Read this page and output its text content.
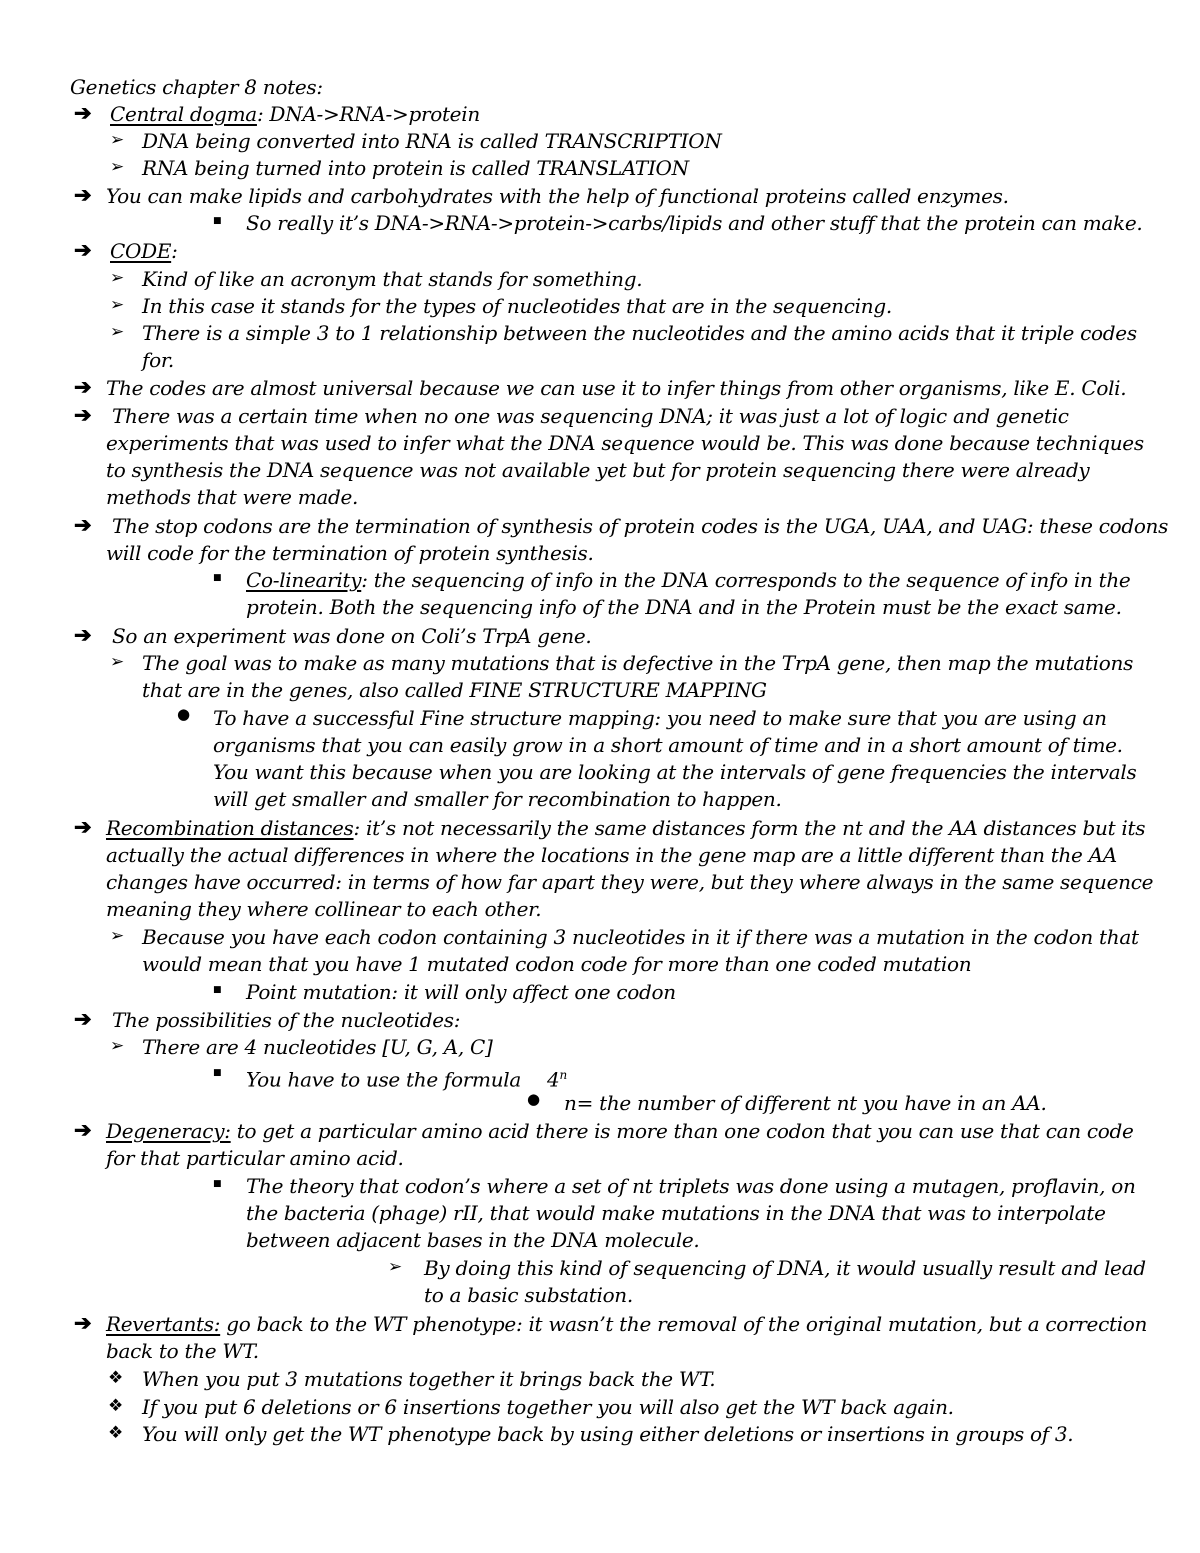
Genetics chapter 8 notes:
➔ Central dogma: DNA->RNA->protein
➢ DNA being converted into RNA is called TRANSCRIPTION
➢ RNA being turned into protein is called TRANSLATION
➔ You can make lipids and carbohydrates with the help of functional proteins called enzymes.
■ So really it’s DNA->RNA->protein->carbs/lipids and other stuff that the protein can make.
➔ CODE:
➢ Kind of like an acronym that stands for something.
➢ In this case it stands for the types of nucleotides that are in the sequencing.
➢ There is a simple 3 to 1 relationship between the nucleotides and the amino acids that it triple codes
for.
➔ The codes are almost universal because we can use it to infer things from other organisms, like E. Coli.
➔ There was a certain time when no one was sequencing DNA; it was just a lot of logic and genetic
experiments that was used to infer what the DNA sequence would be. This was done because techniques
to synthesis the DNA sequence was not available yet but for protein sequencing there were already
methods that were made.
➔ The stop codons are the termination of synthesis of protein codes is the UGA, UAA, and UAG: these codons
will code for the termination of protein synthesis.
■ Co-linearity: the sequencing of info in the DNA corresponds to the sequence of info in the
protein. Both the sequencing info of the DNA and in the Protein must be the exact same.
➔ So an experiment was done on Coli’s TrpA gene.
➢ The goal was to make as many mutations that is defective in the TrpA gene, then map the mutations
that are in the genes, also called FINE STRUCTURE MAPPING
● To have a successful Fine structure mapping: you need to make sure that you are using an
organisms that you can easily grow in a short amount of time and in a short amount of time.
You want this because when you are looking at the intervals of gene frequencies the intervals
will get smaller and smaller for recombination to happen.
➔ Recombination distances: it’s not necessarily the same distances form the nt and the AA distances but its
actually the actual differences in where the locations in the gene map are a little different than the AA
changes have occurred: in terms of how far apart they were, but they where always in the same sequence
meaning they where collinear to each other.
➢ Because you have each codon containing 3 nucleotides in it if there was a mutation in the codon that
would mean that you have 1 mutated codon code for more than one coded mutation
■ Point mutation: it will only affect one codon
➔ The possibilities of the nucleotides:
➢ There are 4 nucleotides [U, G, A, C]
■ You have to use the formula 4$^n$
● n= the number of different nt you have in an AA.
➔ Degeneracy: to get a particular amino acid there is more than one codon that you can use that can code
for that particular amino acid.
■ The theory that codon’s where a set of nt triplets was done using a mutagen, proflavin, on
the bacteria (phage) rII, that would make mutations in the DNA that was to interpolate
between adjacent bases in the DNA molecule.
➢ By doing this kind of sequencing of DNA, it would usually result and lead
to a basic substation.
➔ Revertants: go back to the WT phenotype: it wasn’t the removal of the original mutation, but a correction
back to the WT.
❖ When you put 3 mutations together it brings back the WT.
❖ If you put 6 deletions or 6 insertions together you will also get the WT back again.
❖ You will only get the WT phenotype back by using either deletions or insertions in groups of 3.
